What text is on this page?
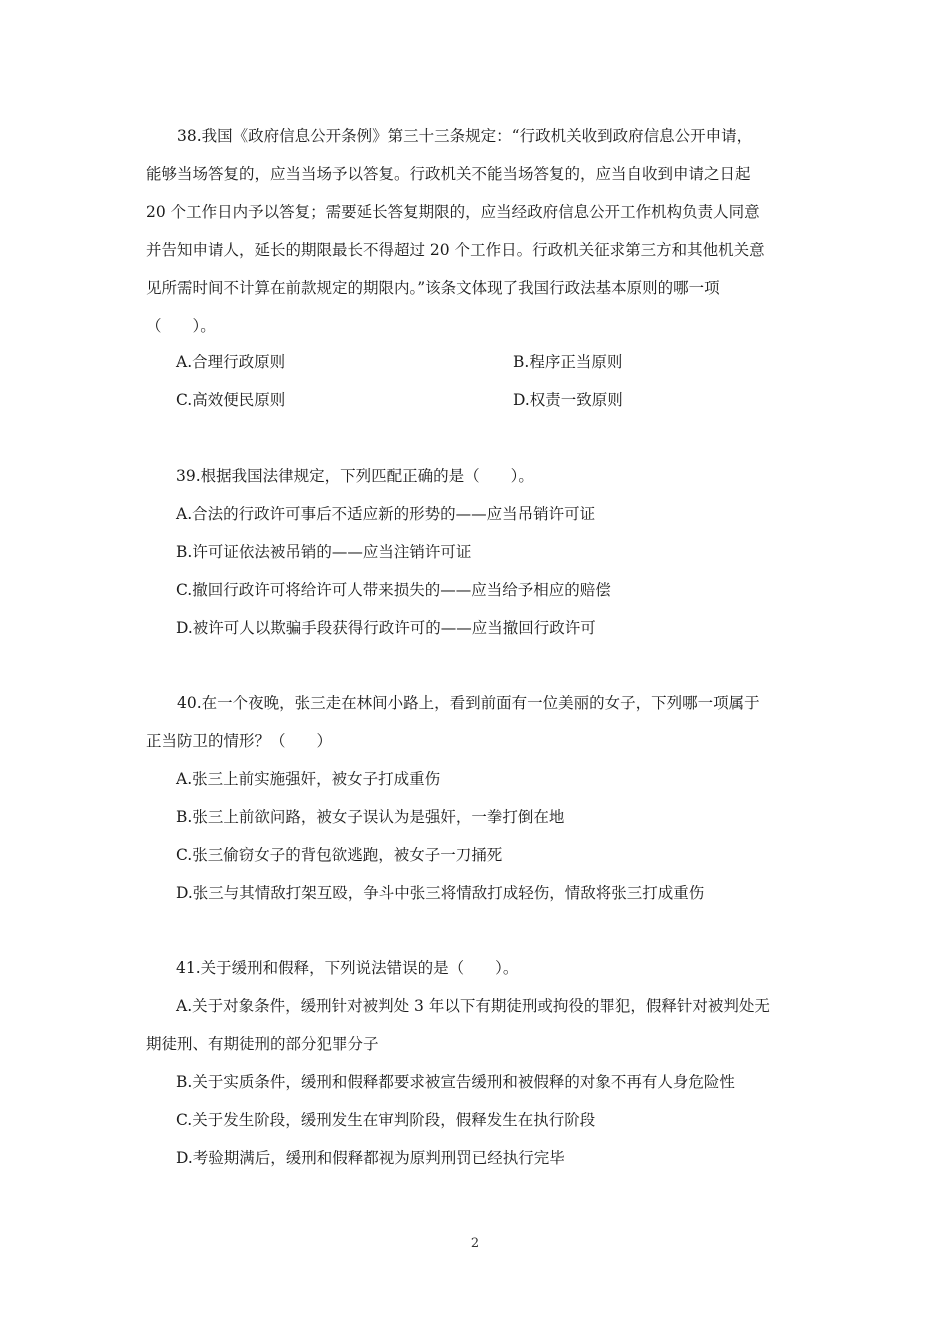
　　38.我国《政府信息公开条例》第三十三条规定：“行政机关收到政府信息公开申请，
能够当场答复的，应当当场予以答复。行政机关不能当场答复的，应当自收到申请之日起
20 个工作日内予以答复；需要延长答复期限的，应当经政府信息公开工作机构负责人同意
并告知申请人，延长的期限最长不得超过 20 个工作日。行政机关征求第三方和其他机关意
见所需时间不计算在前款规定的期限内。”该条文体现了我国行政法基本原则的哪一项
（　　）。
A.合理行政原则	B.程序正当原则
C.高效便民原则	D.权责一致原则
39.根据我国法律规定，下列匹配正确的是（　　）。
A.合法的行政许可事后不适应新的形势的——应当吊销许可证
B.许可证依法被吊销的——应当注销许可证
C.撤回行政许可将给许可人带来损失的——应当给予相应的赔偿
D.被许可人以欺骗手段获得行政许可的——应当撤回行政许可
　　40.在一个夜晚，张三走在林间小路上，看到前面有一位美丽的女子，下列哪一项属于
正当防卫的情形？（　　）
A.张三上前实施强奸，被女子打成重伤
B.张三上前欲问路，被女子误认为是强奸，一拳打倒在地
C.张三偷窃女子的背包欲逃跑，被女子一刀捅死
D.张三与其情敌打架互殴，争斗中张三将情敌打成轻伤，情敌将张三打成重伤
41.关于缓刑和假释，下列说法错误的是（　　）。
A.关于对象条件，缓刑针对被判处 3 年以下有期徒刑或拘役的罪犯，假释针对被判处无
期徒刑、有期徒刑的部分犯罪分子
B.关于实质条件，缓刑和假释都要求被宣告缓刑和被假释的对象不再有人身危险性
C.关于发生阶段，缓刑发生在审判阶段，假释发生在执行阶段
D.考验期满后，缓刑和假释都视为原判刑罚已经执行完毕
2
